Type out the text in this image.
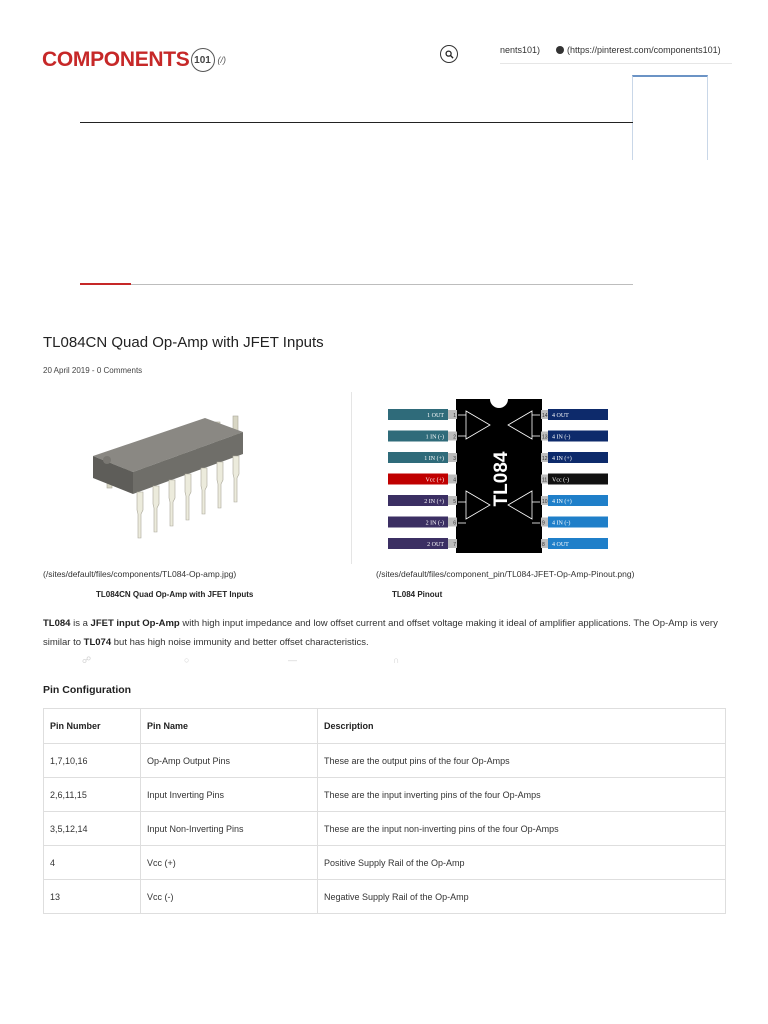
COMPONENTS 101 (/)
nents101)	(https://pinterest.com/components101)
TL084CN Quad Op-Amp with JFET Inputs
20 April 2019 - 0 Comments
TL084
1 OUT 1
1 IN (-) 2
1 IN (+) 3
Vcc (+) 4
2 IN (+) 5
2 IN (-) 6
2 OUT 7
14 4 OUT
13 4 IN (-)
12 4 IN (+)
11 Vcc (-)
10 4 IN (+)
9 4 IN (-)
8 4 OUT
(/sites/default/files/components/TL084-Op-amp.jpg)
TL084CN Quad Op-Amp with JFET Inputs
(/sites/default/files/component_pin/TL084-JFET-Op-Amp-Pinout.png)
TL084 Pinout

TL084 is a JFET input Op-Amp with high input impedance and low offset current and offset voltage making it ideal of amplifier applications. The Op-Amp is very similar to TL074 but has high noise immunity and better offset characteristics.

☍	○	—	∩
Pin Configuration
Pin Number	Pin Name	Description
1,7,10,16	Op-Amp Output Pins	These are the output pins of the four Op-Amps
2,6,11,15	Input Inverting Pins	These are the input inverting pins of the four Op-Amps
3,5,12,14	Input Non-Inverting Pins	These are the input non-inverting pins of the four Op-Amps
4	Vcc (+)	Positive Supply Rail of the Op-Amp
13	Vcc (-)	Negative Supply Rail of the Op-Amp
